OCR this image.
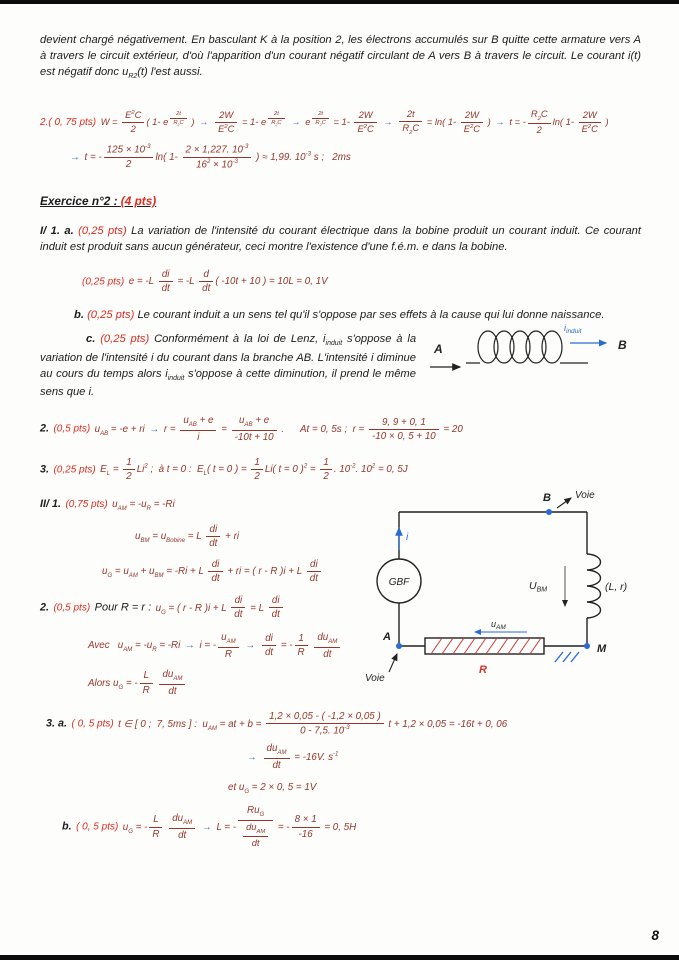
devient chargé négativement. En basculant K à la position 2, les électrons accumulés sur B quitte cette armature vers A à travers le circuit extérieur, d'où l'apparition d'un courant négatif circulant de A vers B à travers le circuit. Le courant i(t) est négatif donc $u_{R2}(t)$ l'est aussi.

2.( 0, 75 pts) $W = \frac{E^2C}{2}$ ( 1- e $^{\frac{2t}{R_2C}}$ ) → $\frac{2W}{E^2C} = 1-$ e $^{\frac{2t}{R_2C}}$ → e $^{\frac{2t}{R_2C}} = 1- \frac{2W}{E^2C} \to \frac{2t}{R_2C} = \ln$( $1- \frac{2W}{E^2C}$ ) → t = - $\frac{R_2C}{2} \ln$( $1- \frac{2W}{E^2C}$ )
→ t = - $\frac{125 \times 10^{-3}}{2} \ln$( $1- \frac{2 \times 1,227. 10^{-3}}{16^2 \times 10^{-3}}$ ) ≈ 1,99. $10^{-3}$ s ;   2ms
Exercice n°2 : (4 pts)

I/ 1. a. (0,25 pts) La variation de l'intensité du courant électrique dans la bobine produit un courant induit. Ce courant induit est produit sans aucun générateur, ceci montre l'existence d'une f.é.m. e dans la bobine.

(0,25 pts) $e = -L \frac{di}{dt} = -L \frac{d}{dt}$ ( -10t + 10 ) = 10L = 0, 1V

b. (0,25 pts) Le courant induit a un sens tel qu'il s'oppose par ses effets à la cause qui lui donne naissance.

A
$i_{induit}$
B

c. (0,25 pts) Conformément à la loi de Lenz, $i_{induit}$ s'oppose à la variation de l'intensité i du courant dans la branche AB. L'intensité i diminue au cours du temps alors $i_{induit}$ s'oppose à cette diminution, il prend le même sens que i.

2. (0,5 pts) $u_{AB} = -e$ + ri → $r = \frac{u_{AB} + e}{i} = \frac{u_{AB} + e}{-10t + 10}$ .      At = 0, 5s ;  $r = \frac{9, 9 + 0, 1}{-10 \times 0, 5 + 10} = 20$
3. (0,25 pts) $E_L = \frac{1}{2} Li^2$ ;  à t = 0 :  $E_L$( t = 0 ) = $\frac{1}{2} Li$( t = 0 )$^2 = \frac{1}{2}$ . $10^{-2}$. $10^2 = 0$, 5J
GBF
i
B Voie
(L, r)
$U_{BM}$
M
A
R
$u_{AM}$
Voie
II/ 1. (0,75 pts) $u_{AM} = -u_R = -Ri$
$u_{BM} = u_{Bobine} = L \frac{di}{dt}$ + ri
$u_G = u_{AM} + u_{BM} = -Ri + L \frac{di}{dt}$ + ri = ( r - R )i + L $\frac{di}{dt}$
2. (0,5 pts) Pour R = r : $u_G$ = ( r - R )i + L $\frac{di}{dt} = L \frac{di}{dt}$
Avec   $u_{AM} = -u_R = -Ri \to i$ = - $\frac{u_{AM}}{R} \to \frac{di}{dt}$ = - $\frac{1}{R}$
$\frac{du_{AM}}{dt}$
Alors $u_G$ = - $\frac{L}{R}$
$\frac{du_{AM}}{dt}$
3. a. ( 0, 5 pts) t ∈ [ 0 ;  7, 5ms ] :  $u_{AM}$ = at + $b = \frac{1,2 \times 0,05 - ( -1,2 \times 0,05 )}{0 - 7,5. 10^{-3}}$ t + 1,2 × 0,05 = -16t + 0, 06
→ $\frac{du_{AM}}{dt} = -16V$. $s^{-1}$
et $u_G = 2 \times 0$, 5 = 1V
b. ( 0, 5 pts) $u_G$ = - $\frac{L}{R}$
$\frac{du_{AM}}{dt} \to L$ = - $\frac{Ru_G}{\frac{du_{AM}}{dt}}$ = - $\frac{8 \times 1}{-16} = 0$, 5H
8
